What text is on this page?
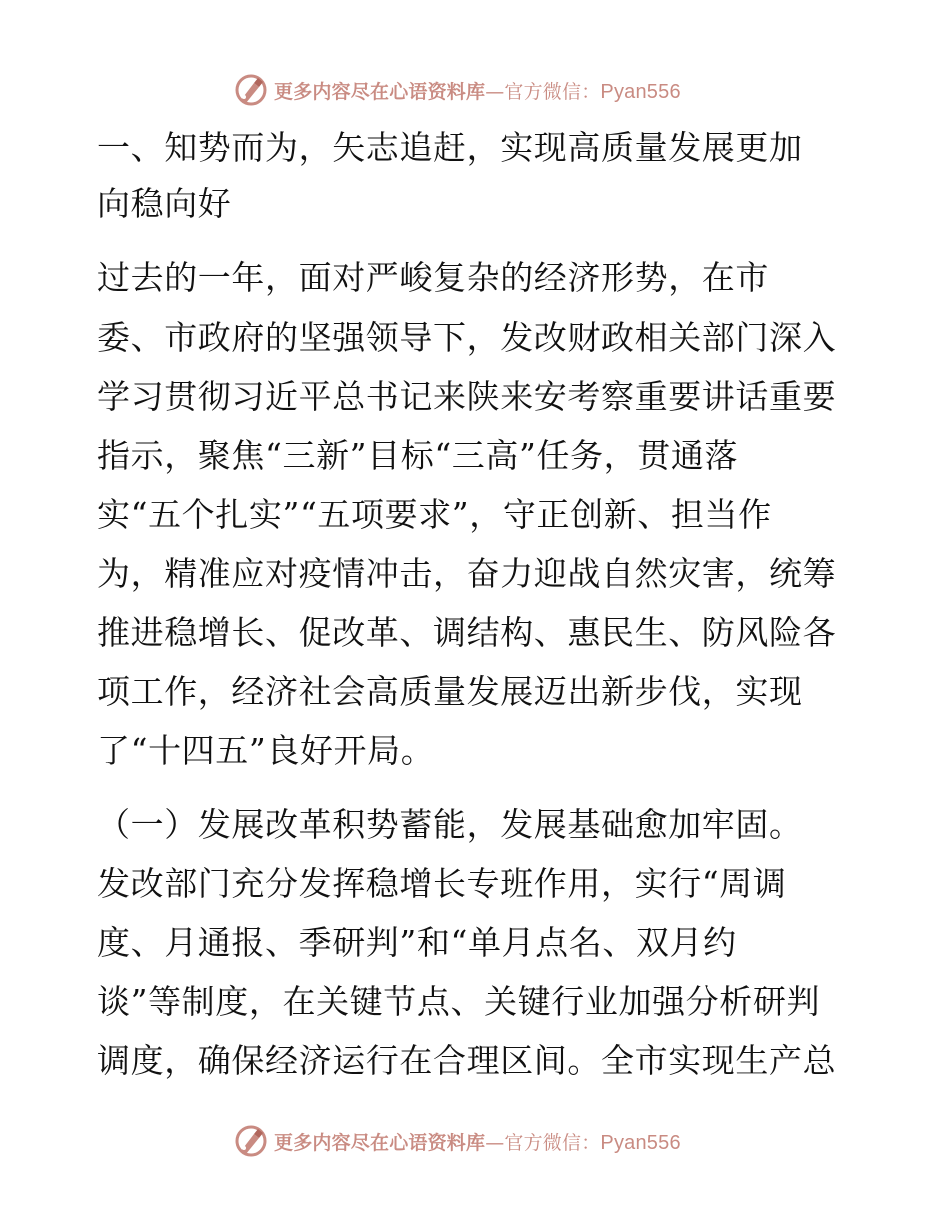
更多内容尽在心语资料库—官方微信：Pyan556
一、知势而为，矢志追赶，实现高质量发展更加
向稳向好
过去的一年，面对严峻复杂的经济形势，在市
委、市政府的坚强领导下，发改财政相关部门深入
学习贯彻习近平总书记来陕来安考察重要讲话重要
指示，聚焦“三新”目标“三高”任务，贯通落
实“五个扎实”“五项要求”，守正创新、担当作
为，精准应对疫情冲击，奋力迎战自然灾害，统筹
推进稳增长、促改革、调结构、惠民生、防风险各
项工作，经济社会高质量发展迈出新步伐，实现
了“十四五”良好开局。
（一）发展改革积势蓄能，发展基础愈加牢固。
发改部门充分发挥稳增长专班作用，实行“周调
度、月通报、季研判”和“单月点名、双月约
谈”等制度，在关键节点、关键行业加强分析研判
调度，确保经济运行在合理区间。全市实现生产总
更多内容尽在心语资料库—官方微信：Pyan556
